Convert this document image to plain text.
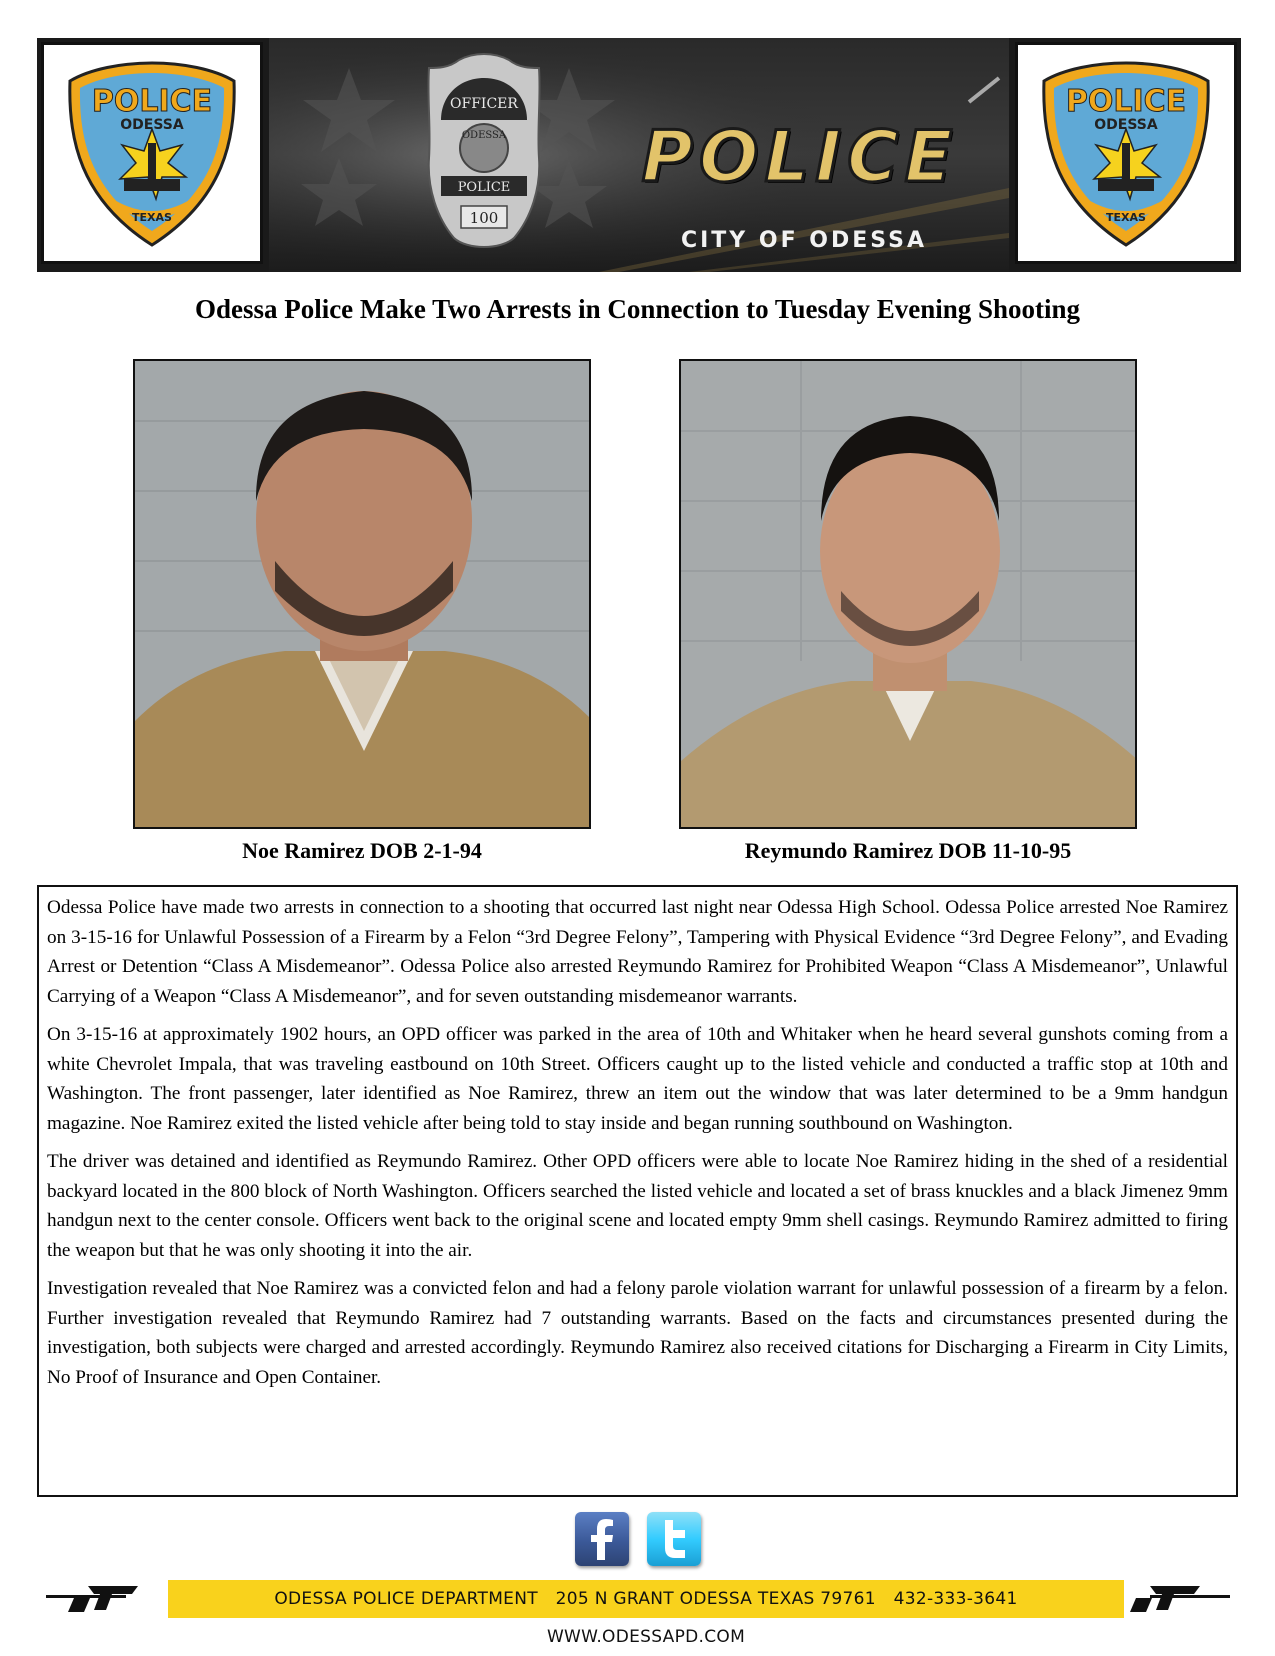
POLICE
ODESSA
TEXAS
OFFICER
ODESSA
POLICE
100
POLICE
CITY OF ODESSA
POLICE
ODESSA
TEXAS
Odessa Police Make Two Arrests in Connection to Tuesday Evening Shooting
Noe Ramirez DOB 2-1-94	Reymundo Ramirez DOB 11-10-95

Odessa Police have made two arrests in connection to a shooting that occurred last night near Odessa High School. Odessa Police arrested Noe Ramirez on 3-15-16 for Unlawful Possession of a Firearm by a Felon “3rd Degree Felony”, Tampering with Physical Evidence “3rd Degree Felony”, and Evading Arrest or Detention “Class A Misdemeanor”. Odessa Police also arrested Reymundo Ramirez for Prohibited Weapon “Class A Misdemeanor”, Unlawful Carrying of a Weapon “Class A Misdemeanor”, and for seven outstanding misdemeanor warrants.

On 3-15-16 at approximately 1902 hours, an OPD officer was parked in the area of 10th and Whitaker when he heard several gunshots coming from a white Chevrolet Impala, that was traveling eastbound on 10th Street. Officers caught up to the listed vehicle and conducted a traffic stop at 10th and Washington. The front passenger, later identified as Noe Ramirez, threw an item out the window that was later determined to be a 9mm handgun magazine. Noe Ramirez exited the listed vehicle after being told to stay inside and began running southbound on Washington.

The driver was detained and identified as Reymundo Ramirez. Other OPD officers were able to locate Noe Ramirez hiding in the shed of a residential backyard located in the 800 block of North Washington. Officers searched the listed vehicle and located a set of brass knuckles and a black Jimenez 9mm handgun next to the center console. Officers went back to the original scene and located empty 9mm shell casings. Reymundo Ramirez admitted to firing the weapon but that he was only shooting it into the air.

Investigation revealed that Noe Ramirez was a convicted felon and had a felony parole violation warrant for unlawful possession of a firearm by a felon. Further investigation revealed that Reymundo Ramirez had 7 outstanding warrants. Based on the facts and circumstances presented during the investigation, both subjects were charged and arrested accordingly. Reymundo Ramirez also received citations for Discharging a Firearm in City Limits, No Proof of Insurance and Open Container.

ODESSA POLICE DEPARTMENT 205 N GRANT ODESSA TEXAS 79761 432-333-3641 WWW.ODESSAPD.COM
